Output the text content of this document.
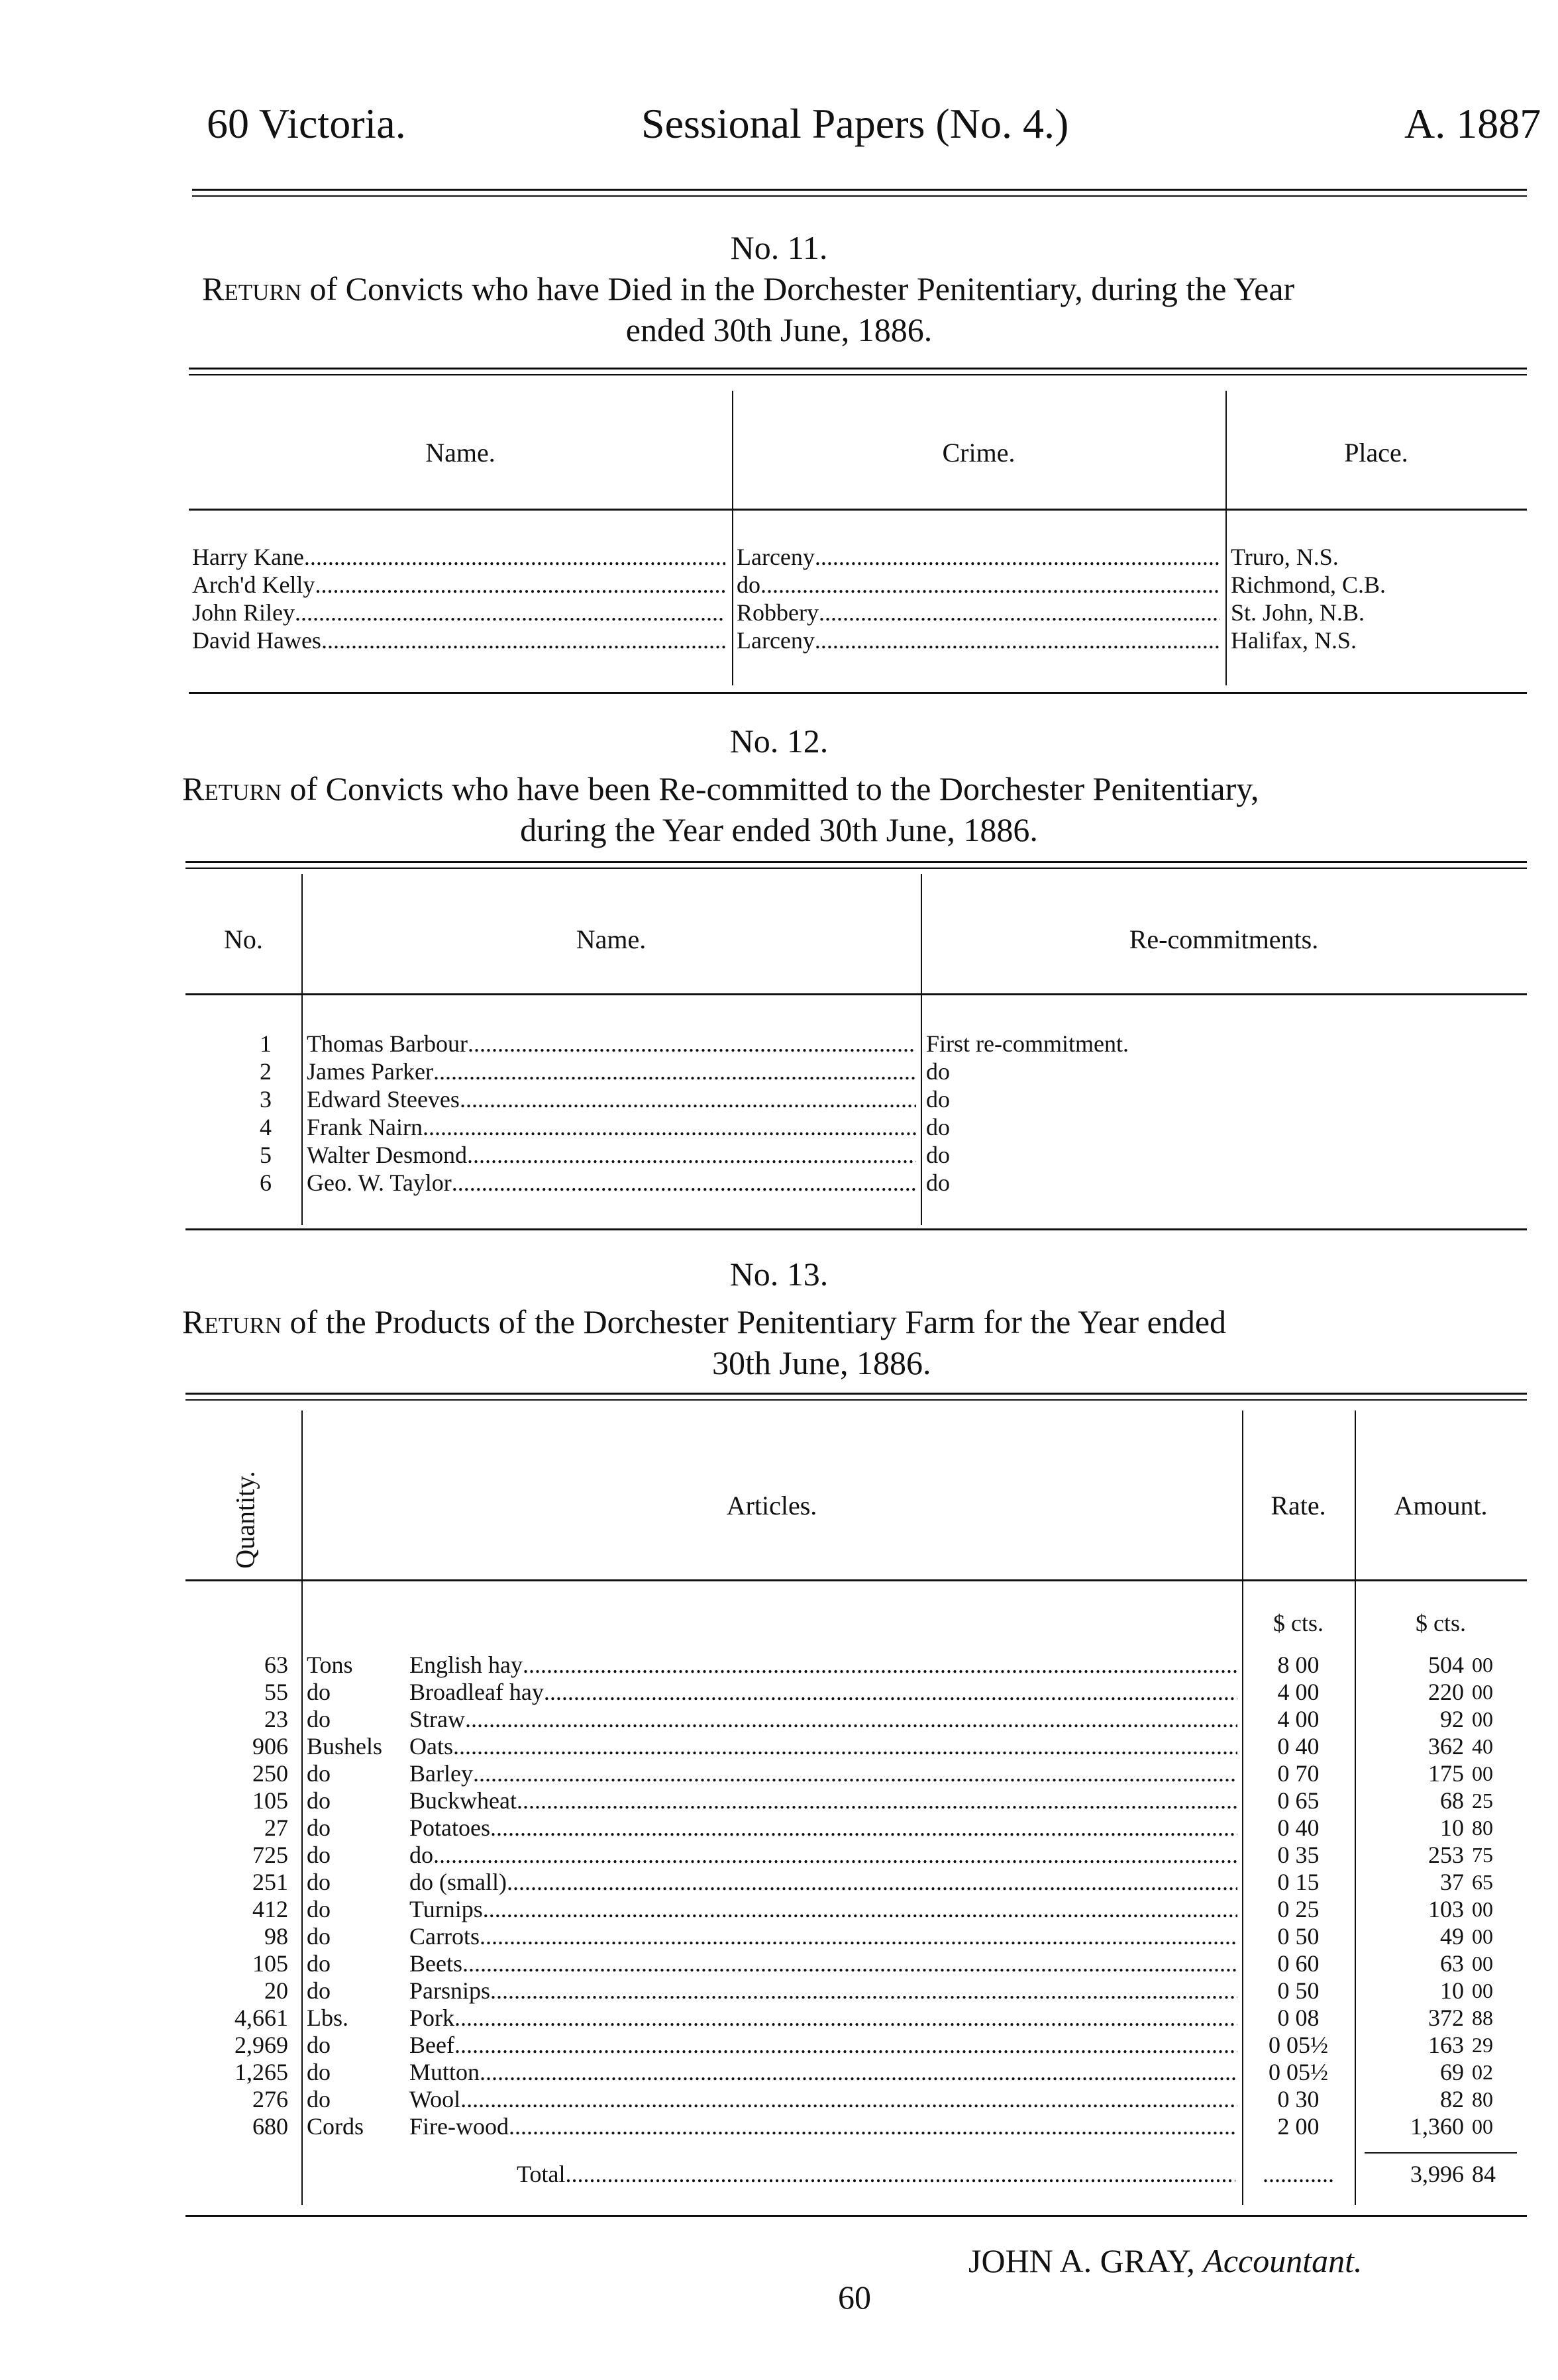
60 Victoria.	Sessional Papers (No. 4.)	A. 1887
No. 11.
Return of Convicts who have Died in the Dorchester Penitentiary, during the Year
ended 30th June, 1886.
Name.	Crime.	Place.
Harry Kane .....	Larceny .....	Truro, N.S.
Arch'd Kelly .....	do .....	Richmond, C.B.
John Riley .....	Robbery .....	St. John, N.B.
David Hawes .....	Larceny .....	Halifax, N.S.
No. 12.
Return of Convicts who have been Re-committed to the Dorchester Penitentiary,
during the Year ended 30th June, 1886.
No.	Name.	Re-commitments.
1 Thomas Barbour .....	First re-commitment.
2 James Parker .....	do
3 Edward Steeves .....	do
4 Frank Nairn .....	do
5 Walter Desmond .....	do
6 Geo. W. Taylor .....	do
No. 13.
Return of the Products of the Dorchester Penitentiary Farm for the Year ended
30th June, 1886.
Quantity.	Articles.	Rate.	Amount.
$ cts.	$ cts.
63 Tons	English hay .....	8 00	504 00
55 do	Broadleaf hay .....	4 00	220 00
23 do	Straw .....	4 00	92 00
906 Bushels	Oats .....	0 40	362 40
250 do	Barley .....	0 70	175 00
105 do	Buckwheat .....	0 65	68 25
27 do	Potatoes .....	0 40	10 80
725 do	do .....	0 35	253 75
251 do	do (small) .....	0 15	37 65
412 do	Turnips .....	0 25	103 00
98 do	Carrots .....	0 50	49 00
105 do	Beets .....	0 60	63 00
20 do	Parsnips .....	0 50	10 00
4,661 Lbs.	Pork .....	0 08	372 88
2,969 do	Beef .....	0 05½	163 29
1,265 do	Mutton .....	0 05½	69 02
276 do	Wool .....	0 30	82 80
680 Cords	Fire-wood .....	2 00	1,360 00
Total .....	............	3,996 84
60
JOHN A. GRAY, Accountant.
